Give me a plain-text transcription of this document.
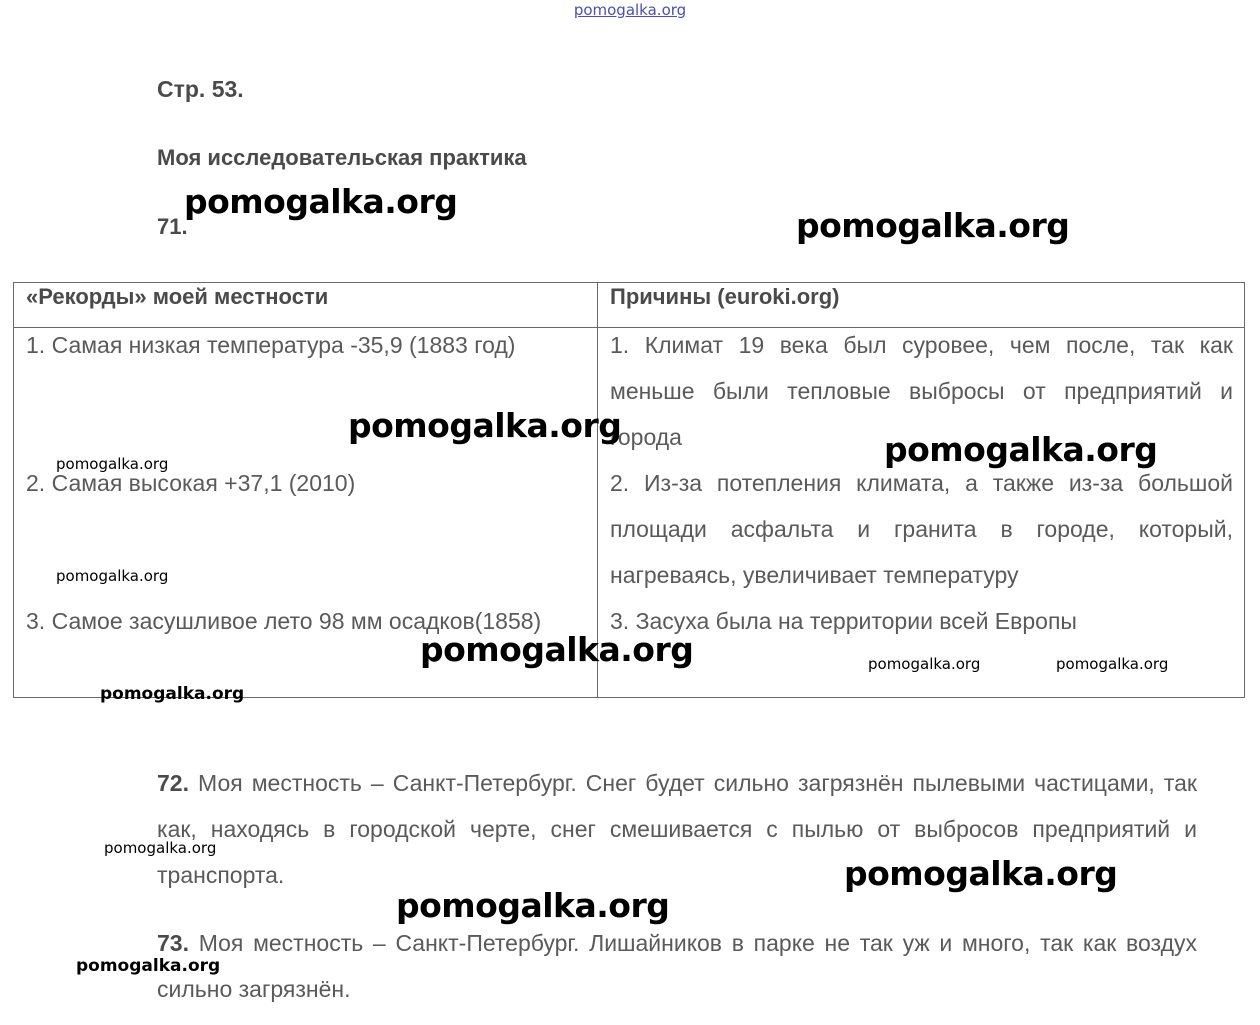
pomogalka.org
Стр. 53.
Моя исследовательская практика
71.
«Рекорды» моей местности	Причины (euroki.org)
1. Самая низкая температура -35,9 (1883 год)
2. Самая высокая +37,1 (2010)
3. Самое засушливое лето 98 мм осадков(1858)
1. Климат 19 века был суровее, чем после, так как меньше были тепловые выбросы от предприятий и города
2. Из-за потепления климата, а также из-за большой площади асфальта и гранита в городе, который, нагреваясь, увеличивает температуру
3. Засуха была на территории всей Европы
72. Моя местность – Санкт-Петербург. Снег будет сильно загрязнён пылевыми частицами, так как, находясь в городской черте, снег смешивается с пылью от выбросов предприятий и транспорта.
73. Моя местность – Санкт-Петербург. Лишайников в парке не так уж и много, так как воздух сильно загрязнён.
pomogalka.org
pomogalka.org
pomogalka.org
pomogalka.org
pomogalka.org
pomogalka.org
pomogalka.org
pomogalka.org
pomogalka.org
pomogalka.org	pomogalka.org
pomogalka.org
pomogalka.org
pomogalka.org
